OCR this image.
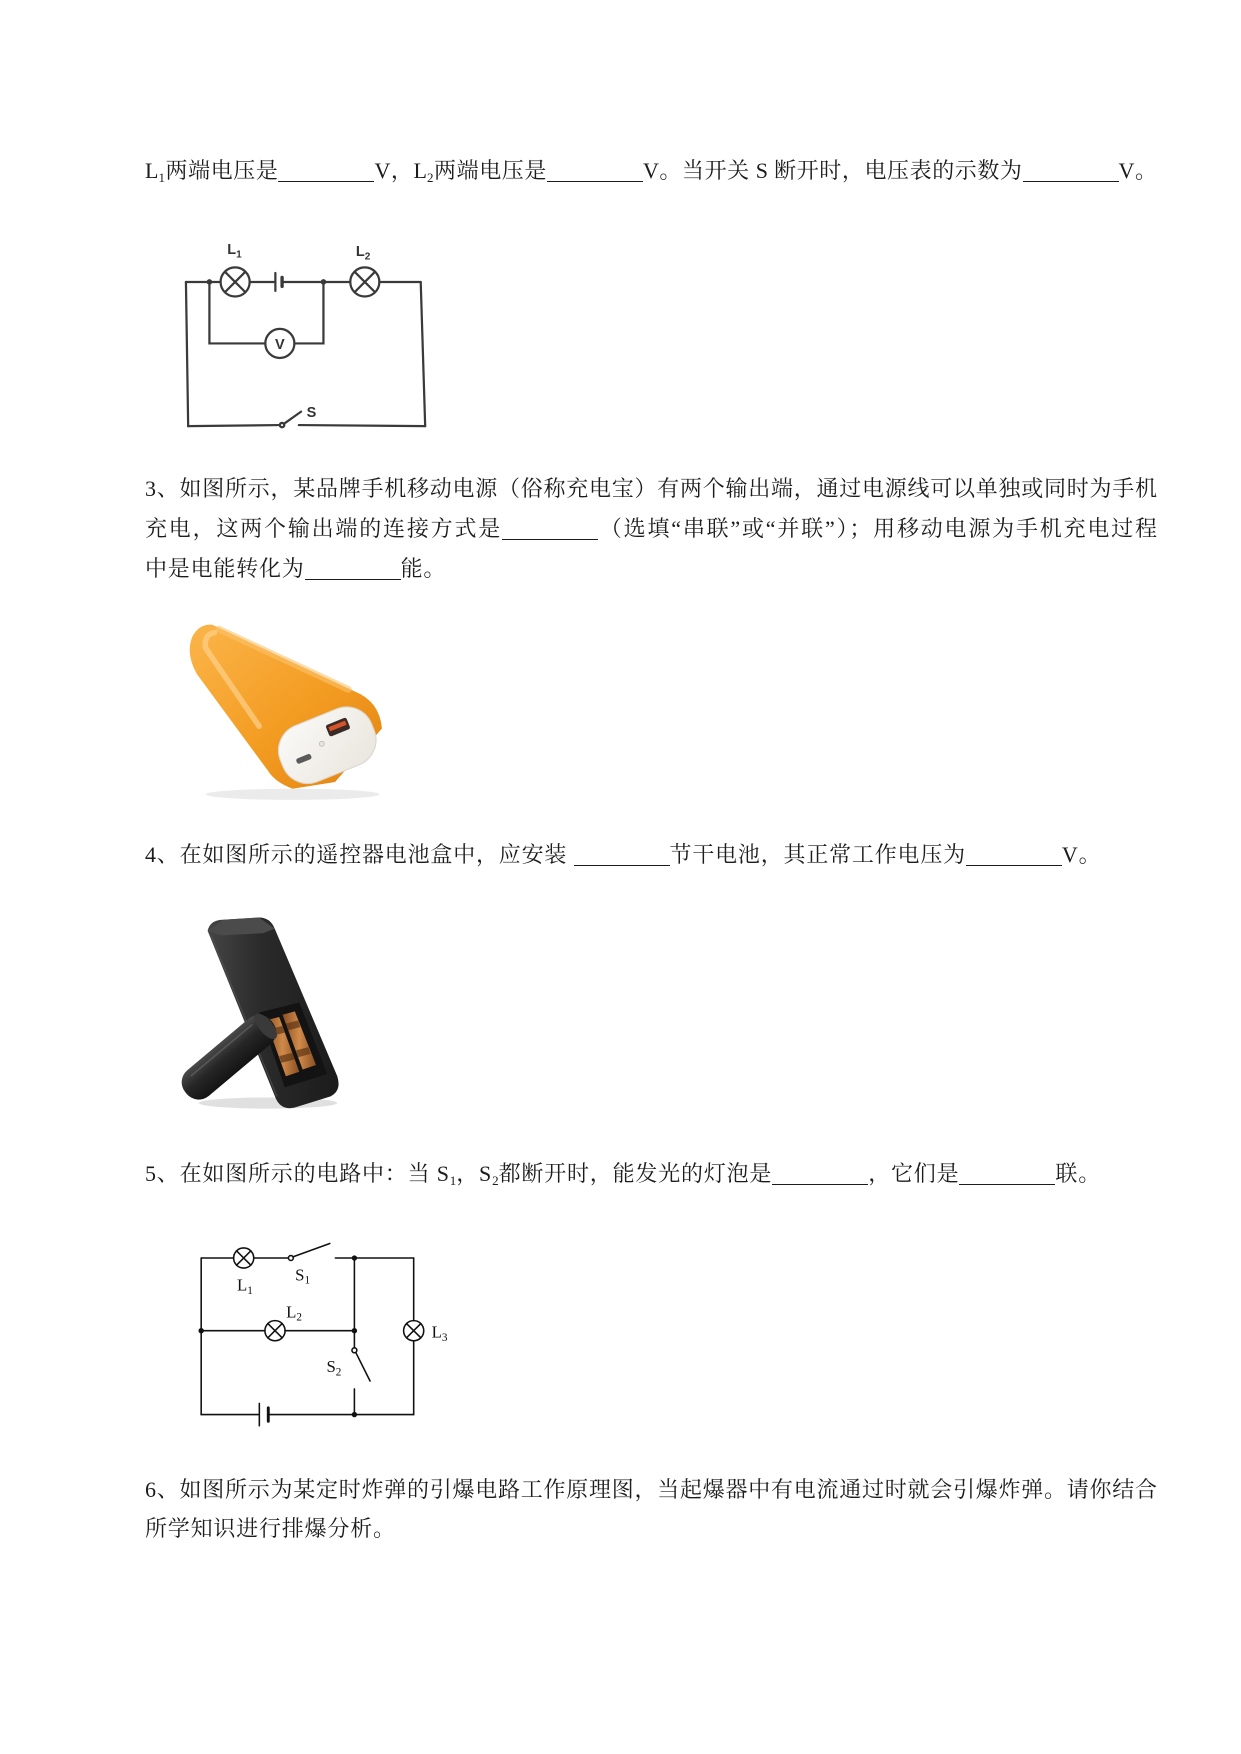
$L_1$两端电压是	V，$L_2$两端电压是	V。当开关 S 断开时，电压表的示数为	V。
$L_1$	$L_2$
V
S
3、如图所示，某品牌手机移动电源（俗称充电宝）有两个输出端，通过电源线可以单独或同时为手机
充电，这两个输出端的连接方式是	（选填“串联”或“并联”）；用移动电源为手机充电过程
中是电能转化为	能。
4、在如图所示的遥控器电池盒中，应安装	节干电池，其正常工作电压为	V。
5、在如图所示的电路中：当 $S_1$，$S_2$都断开时，能发光的灯泡是	，它们是	联。
$L_1$
$S_1$
$L_2$
$S_2$
$L_3$
6、如图所示为某定时炸弹的引爆电路工作原理图，当起爆器中有电流通过时就会引爆炸弹。请你结合
所学知识进行排爆分析。
